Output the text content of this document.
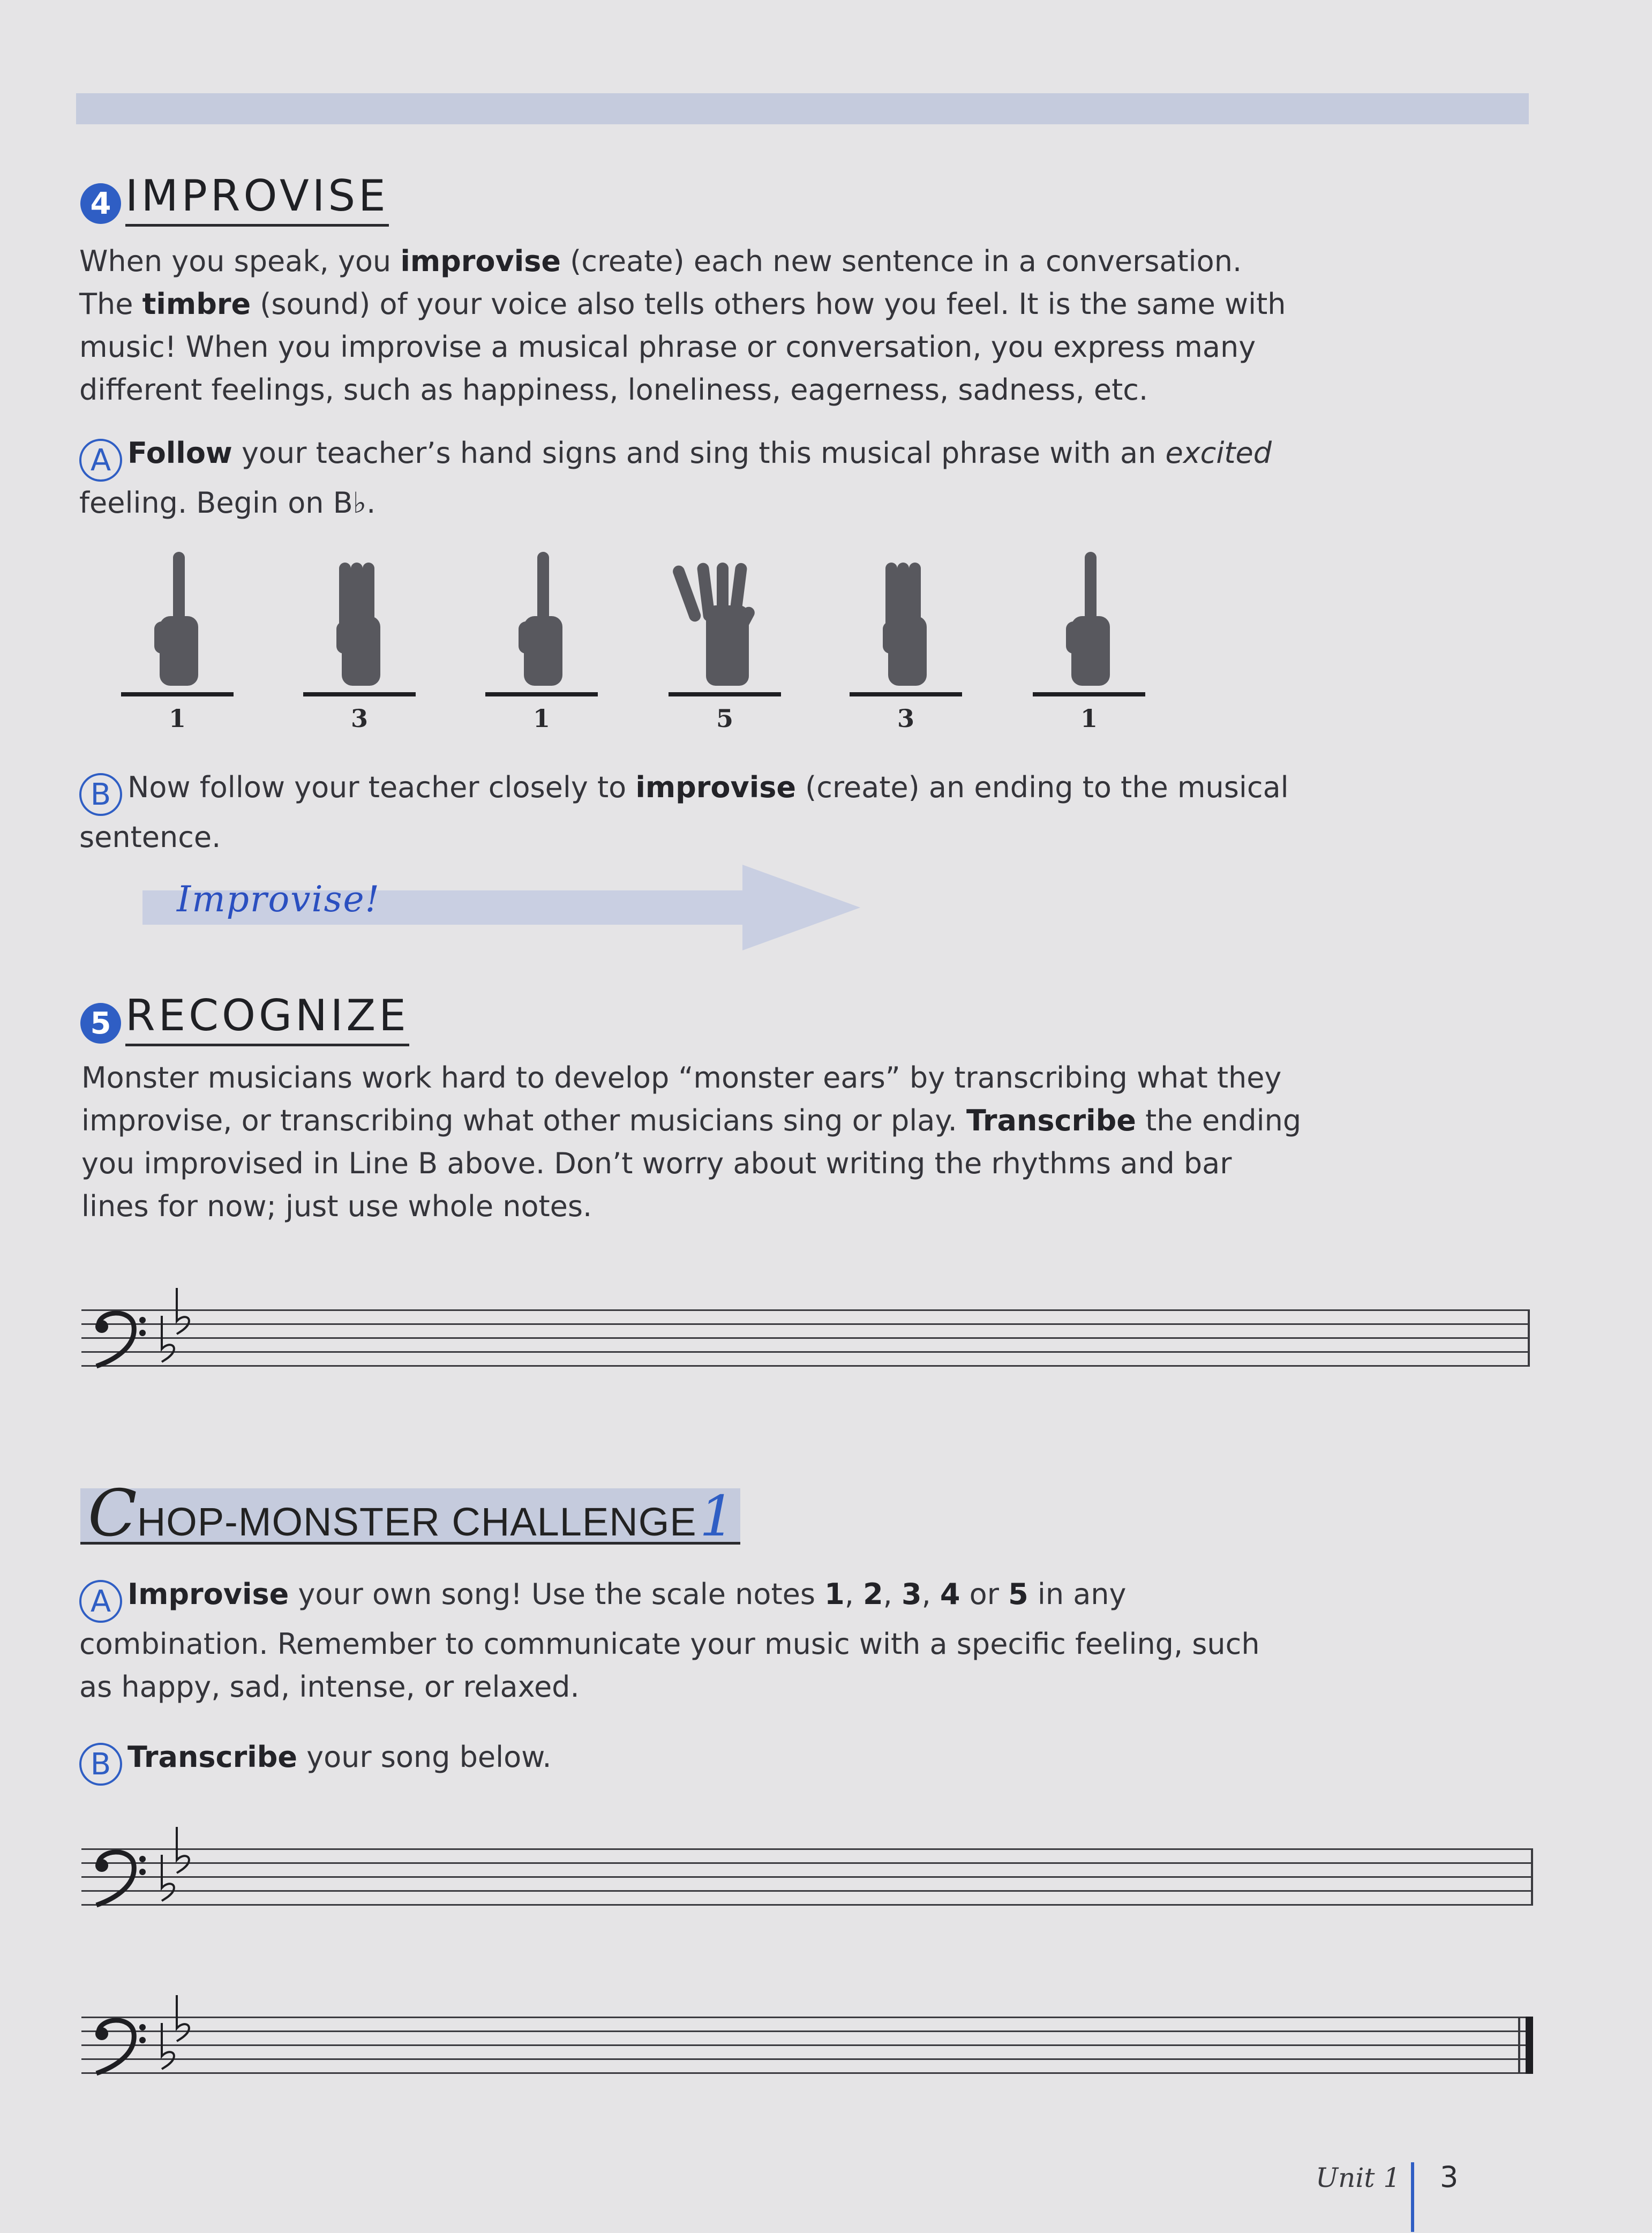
4 IMPROVISE
When you speak, you improvise (create) each new sentence in a conversation.
The timbre (sound) of your voice also tells others how you feel. It is the same with
music! When you improvise a musical phrase or conversation, you express many
different feelings, such as happiness, loneliness, eagerness, sadness, etc.
A Follow your teacher’s hand signs and sing this musical phrase with an excited
feeling. Begin on B♭.
1	3	1	5	3	1
B Now follow your teacher closely to improvise (create) an ending to the musical
sentence.
Improvise!
5 RECOGNIZE
Monster musicians work hard to develop “monster ears” by transcribing what they
improvise, or transcribing what other musicians sing or play. Transcribe the ending
you improvised in Line B above. Don’t worry about writing the rhythms and bar
lines for now; just use whole notes.
CHOP-MONSTER CHALLENGE 1
A Improvise your own song! Use the scale notes 1, 2, 3, 4 or 5 in any
combination. Remember to communicate your music with a specific feeling, such
as happy, sad, intense, or relaxed.
B Transcribe your song below.
Unit 1 3
